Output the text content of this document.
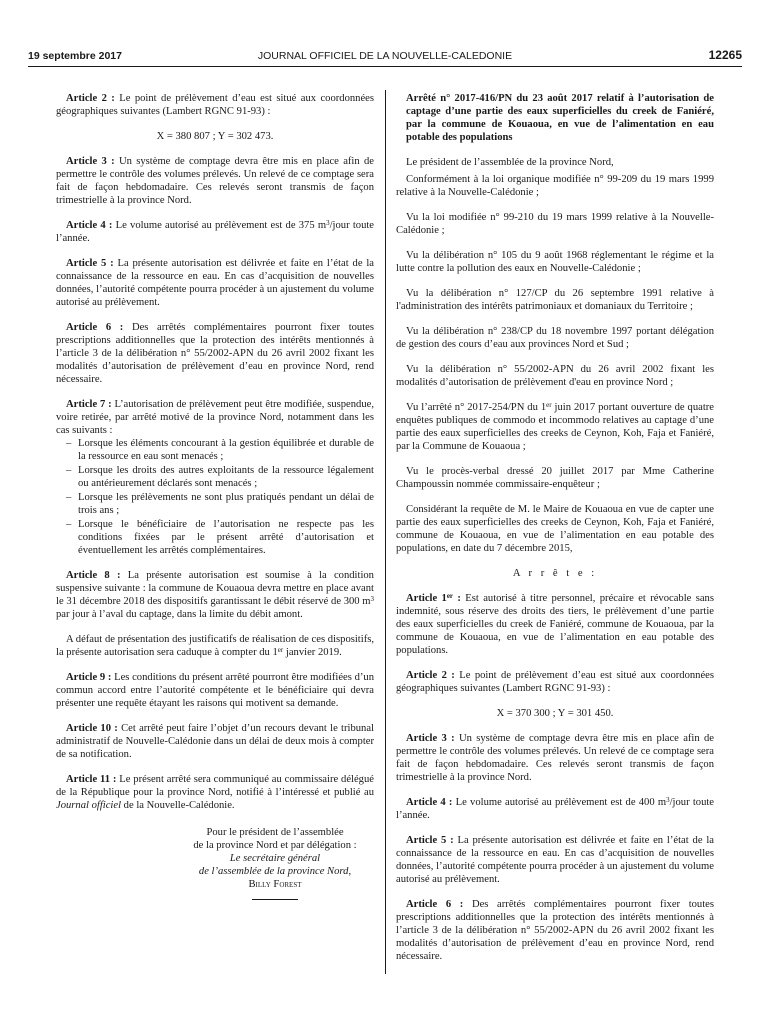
19 septembre 2017	JOURNAL OFFICIEL DE LA NOUVELLE-CALEDONIE	12265

Article 2 : Le point de prélèvement d’eau est situé aux coordonnées géographiques suivantes (Lambert RGNC 91-93) :

X = 380 807 ; Y = 302 473.

Article 3 : Un système de comptage devra être mis en place afin de permettre le contrôle des volumes prélevés. Un relevé de ce comptage sera fait de façon hebdomadaire. Ces relevés seront transmis de façon trimestrielle à la province Nord.

Article 4 : Le volume autorisé au prélèvement est de 375 $m^3$/jour toute l’année.

Article 5 : La présente autorisation est délivrée et faite en l’état de la connaissance de la ressource en eau. En cas d’acquisition de nouvelles données, l’autorité compétente pourra procéder à un ajustement du volume autorisé au prélèvement.

Article 6 : Des arrêtés complémentaires pourront fixer toutes prescriptions additionnelles que la protection des intérêts mentionnés à l’article 3 de la délibération n° 55/2002-APN du 26 avril 2002 fixant les modalités d’autorisation de prélèvement d’eau en province Nord, rend nécessaire.

Article 7 : L’autorisation de prélèvement peut être modifiée, suspendue, voire retirée, par arrêté motivé de la province Nord, notamment dans les cas suivants :

– Lorsque les éléments concourant à la gestion équilibrée et durable de la ressource en eau sont menacés ;
– Lorsque les droits des autres exploitants de la ressource légalement ou antérieurement déclarés sont menacés ;
– Lorsque les prélèvements ne sont plus pratiqués pendant un délai de trois ans ;
– Lorsque le bénéficiaire de l’autorisation ne respecte pas les conditions fixées par le présent arrêté d’autorisation et éventuellement les arrêtés complémentaires.

Article 8 : La présente autorisation est soumise à la condition suspensive suivante : la commune de Kouaoua devra mettre en place avant le 31 décembre 2018 des dispositifs garantissant le débit réservé de 300 $m^3$ par jour à l’aval du captage, dans la limite du débit amont.

A défaut de présentation des justificatifs de réalisation de ces dispositifs, la présente autorisation sera caduque à compter du 1er janvier 2019.

Article 9 : Les conditions du présent arrêté pourront être modifiées d’un commun accord entre l’autorité compétente et le bénéficiaire qui devra présenter une requête étayant les raisons qui motivent sa demande.

Article 10 : Cet arrêté peut faire l’objet d’un recours devant le tribunal administratif de Nouvelle-Calédonie dans un délai de deux mois à compter de sa notification.

Article 11 : Le présent arrêté sera communiqué au commissaire délégué de la République pour la province Nord, notifié à l’intéressé et publié au Journal officiel de la Nouvelle-Calédonie.

Pour le président de l’assemblée
de la province Nord et par délégation :
Le secrétaire général
de l’assemblée de la province Nord,
Billy Forest

Arrêté n° 2017-416/PN du 23 août 2017 relatif à l’autorisation de captage d’une partie des eaux superficielles du creek de Faniéré, par la commune de Kouaoua, en vue de l’alimentation en eau potable des populations

Le président de l’assemblée de la province Nord,

Conformément à la loi organique modifiée n° 99-209 du 19 mars 1999 relative à la Nouvelle-Calédonie ;

Vu la loi modifiée n° 99-210 du 19 mars 1999 relative à la Nouvelle-Calédonie ;

Vu la délibération n° 105 du 9 août 1968 réglementant le régime et la lutte contre la pollution des eaux en Nouvelle-Calédonie ;

Vu la délibération n° 127/CP du 26 septembre 1991 relative à l'administration des intérêts patrimoniaux et domaniaux du Territoire ;

Vu la délibération n° 238/CP du 18 novembre 1997 portant délégation de gestion des cours d’eau aux provinces Nord et Sud ;

Vu la délibération n° 55/2002-APN du 26 avril 2002 fixant les modalités d’autorisation de prélèvement d'eau en province Nord ;

Vu l’arrêté n° 2017-254/PN du 1er juin 2017 portant ouverture de quatre enquêtes publiques de commodo et incommodo relatives au captage d’une partie des eaux superficielles des creeks de Ceynon, Koh, Faja et Faniéré, par la Commune de Kouaoua ;

Vu le procès-verbal dressé 20 juillet 2017 par Mme Catherine Champoussin nommée commissaire-enquêteur ;

Considérant la requête de M. le Maire de Kouaoua en vue de capter une partie des eaux superficielles des creeks de Ceynon, Koh, Faja et Faniéré, commune de Kouaoua, en vue de l’alimentation en eau potable des populations, en date du 7 décembre 2015,

A r r ê t e :

Article 1er : Est autorisé à titre personnel, précaire et révocable sans indemnité, sous réserve des droits des tiers, le prélèvement d’une partie des eaux superficielles du creek de Faniéré, commune de Kouaoua, par la commune de Kouaoua, en vue de l’alimentation en eau potable des populations.

Article 2 : Le point de prélèvement d’eau est situé aux coordonnées géographiques suivantes (Lambert RGNC 91-93) :

X = 370 300 ; Y = 301 450.

Article 3 : Un système de comptage devra être mis en place afin de permettre le contrôle des volumes prélevés. Un relevé de ce comptage sera fait de façon hebdomadaire. Ces relevés seront transmis de façon trimestrielle à la province Nord.

Article 4 : Le volume autorisé au prélèvement est de 400 $m^3$/jour toute l’année.

Article 5 : La présente autorisation est délivrée et faite en l’état de la connaissance de la ressource en eau. En cas d’acquisition de nouvelles données, l’autorité compétente pourra procéder à un ajustement du volume autorisé au prélèvement.

Article 6 : Des arrêtés complémentaires pourront fixer toutes prescriptions additionnelles que la protection des intérêts mentionnés à l’article 3 de la délibération n° 55/2002-APN du 26 avril 2002 fixant les modalités d’autorisation de prélèvement d’eau en province Nord, rend nécessaire.
